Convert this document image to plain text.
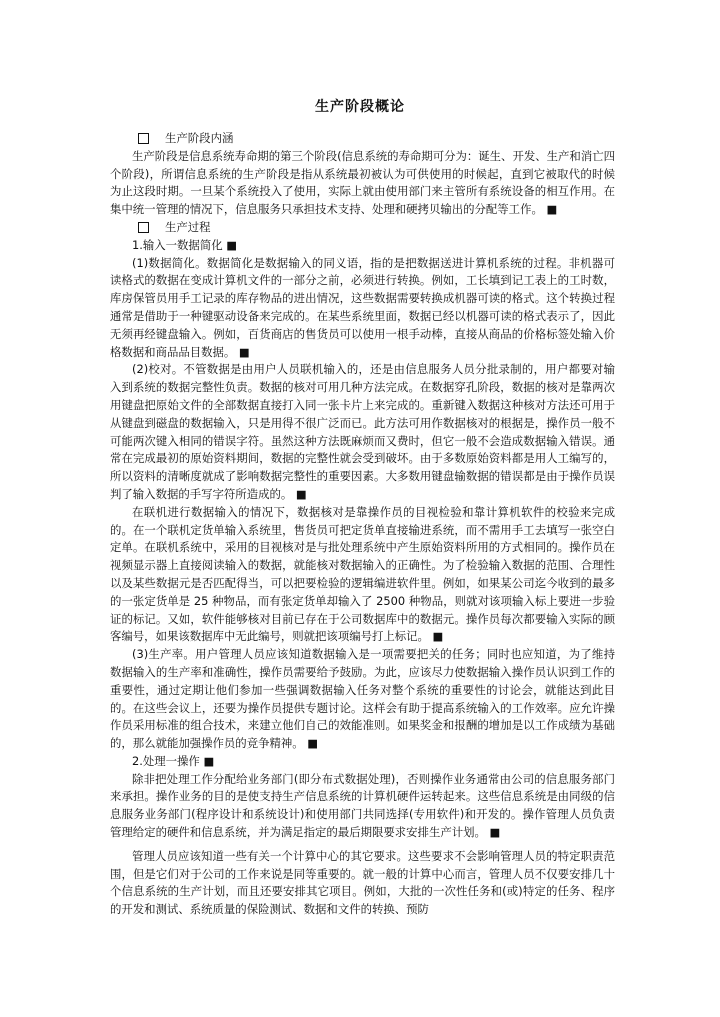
生产阶段概论
生产阶段内涵

生产阶段是信息系统寿命期的第三个阶段(信息系统的寿命期可分为：诞生、开发、生产和消亡四个阶段)，所谓信息系统的生产阶段是指从系统最初被认为可供使用的时候起，直到它被取代的时候为止这段时期。一旦某个系统投入了使用，实际上就由使用部门来主管所有系统设备的相互作用。在集中统一管理的情况下，信息服务只承担技术支持、处理和硬拷贝输出的分配等工作。 ■

生产过程
1.输入一数据简化 ■

(1)数据简化。数据简化是数据输入的同义语，指的是把数据送进计算机系统的过程。非机器可读格式的数据在变成计算机文件的一部分之前，必须进行转换。例如，工长填到记工表上的工时数，库房保管员用手工记录的库存物品的进出情况，这些数据需要转换成机器可读的格式。这个转换过程通常是借助于一种键驱动设备来完成的。在某些系统里面，数据已经以机器可读的格式表示了，因此无须再经键盘输入。例如，百货商店的售货员可以使用一根手动棒，直接从商品的价格标签处输入价格数据和商品品目数据。 ■

(2)校对。不管数据是由用户人员联机输入的，还是由信息服务人员分批录制的，用户都要对输入到系统的数据完整性负责。数据的核对可用几种方法完成。在数据穿孔阶段，数据的核对是靠两次用键盘把原始文件的全部数据直接打入同一张卡片上来完成的。重新键入数据这种核对方法还可用于从键盘到磁盘的数据输入，只是用得不很广泛而已。此方法可用作数据核对的根据是，操作员一般不可能两次键入相同的错误字符。虽然这种方法既麻烦而又费时，但它一般不会造成数据输入错误。通常在完成最初的原始资料期间，数据的完整性就会受到破坏。由于多数原始资料都是用人工编写的，所以资料的清晰度就成了影响数据完整性的重要因素。大多数用键盘输数据的错误都是由于操作员误判了输入数据的手写字符所造成的。 ■

在联机进行数据输入的情况下，数据核对是靠操作员的目视检验和靠计算机软件的校验来完成的。在一个联机定货单输入系统里，售货员可把定货单直接输进系统，而不需用手工去填写一张空白定单。在联机系统中，采用的目视核对是与批处理系统中产生原始资料所用的方式相同的。操作员在视频显示器上直接阅读输入的数据，就能核对数据输入的正确性。为了检验输入数据的范围、合理性以及某些数据元是否匹配得当，可以把要检验的逻辑编进软件里。例如，如果某公司迄今收到的最多的一张定货单是 25 种物品，而有张定货单却输入了 2500 种物品，则就对该项输入标上要进一步验证的标记。又如，软件能够核对目前已存在于公司数据库中的数据元。操作员每次都要输入实际的顾客编号，如果该数据库中无此编号，则就把该项编号打上标记。 ■

(3)生产率。用户管理人员应该知道数据输入是一项需要把关的任务；同时也应知道，为了维持数据输入的生产率和准确性，操作员需要给予鼓励。为此，应该尽力使数据输入操作员认识到工作的重要性，通过定期让他们参加一些强调数据输入任务对整个系统的重要性的讨论会，就能达到此目的。在这些会议上，还要为操作员提供专题讨论。这样会有助于提高系统输入的工作效率。应允许操作员采用标准的组合技术，来建立他们自己的效能准则。如果奖金和报酬的增加是以工作成绩为基础的，那么就能加强操作员的竞争精神。 ■

2.处理一操作 ■

除非把处理工作分配给业务部门(即分布式数据处理)，否则操作业务通常由公司的信息服务部门来承担。操作业务的目的是使支持生产信息系统的计算机硬件运转起来。这些信息系统是由同级的信息服务业务部门(程序设计和系统设计)和使用部门共同选择(专用软件)和开发的。操作管理人员负责管理给定的硬件和信息系统，并为满足指定的最后期限要求安排生产计划。 ■

管理人员应该知道一些有关一个计算中心的其它要求。这些要求不会影响管理人员的特定职责范围，但是它们对于公司的工作来说是同等重要的。就一般的计算中心而言，管理人员不仅要安排几十个信息系统的生产计划，而且还要安排其它项目。例如，大批的一次性任务和(或)特定的任务、程序的开发和测试、系统质量的保险测试、数据和文件的转换、预防
